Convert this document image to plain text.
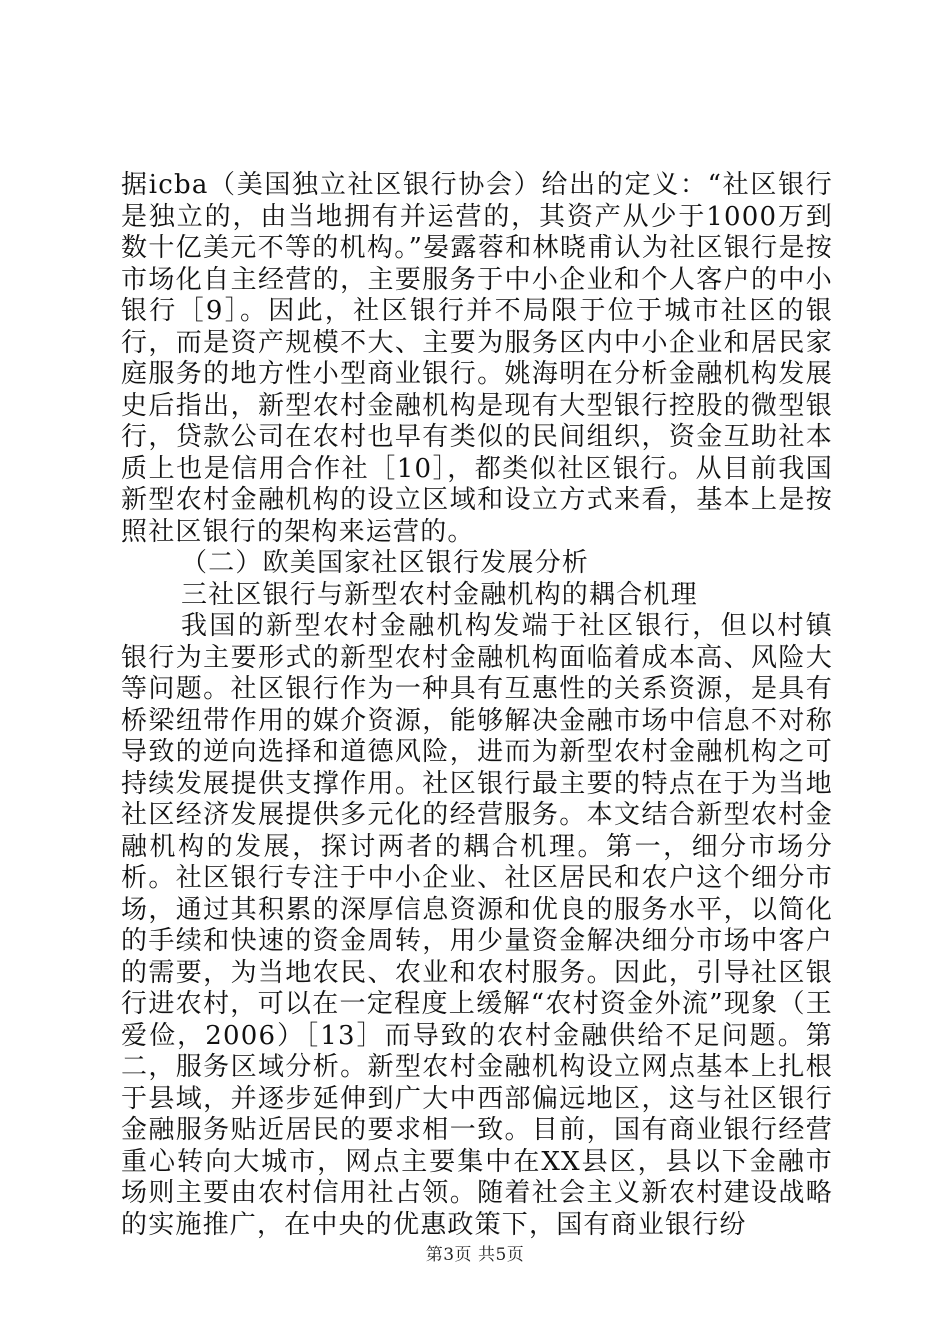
据icba（美国独立社区银行协会）给出的定义：“社区银行是独立的，由当地拥有并运营的，其资产从少于1000万到数十亿美元不等的机构。”晏露蓉和林晓甫认为社区银行是按市场化自主经营的，主要服务于中小企业和个人客户的中小银行［9］。因此，社区银行并不局限于位于城市社区的银行，而是资产规模不大、主要为服务区内中小企业和居民家庭服务的地方性小型商业银行。姚海明在分析金融机构发展史后指出，新型农村金融机构是现有大型银行控股的微型银行，贷款公司在农村也早有类似的民间组织，资金互助社本质上也是信用合作社［10］，都类似社区银行。从目前我国新型农村金融机构的设立区域和设立方式来看，基本上是按照社区银行的架构来运营的。

（二）欧美国家社区银行发展分析

三社区银行与新型农村金融机构的耦合机理

我国的新型农村金融机构发端于社区银行，但以村镇银行为主要形式的新型农村金融机构面临着成本高、风险大等问题。社区银行作为一种具有互惠性的关系资源，是具有桥梁纽带作用的媒介资源，能够解决金融市场中信息不对称导致的逆向选择和道德风险，进而为新型农村金融机构之可持续发展提供支撑作用。社区银行最主要的特点在于为当地社区经济发展提供多元化的经营服务。本文结合新型农村金融机构的发展，探讨两者的耦合机理。第一，细分市场分析。社区银行专注于中小企业、社区居民和农户这个细分市场，通过其积累的深厚信息资源和优良的服务水平，以简化的手续和快速的资金周转，用少量资金解决细分市场中客户的需要，为当地农民、农业和农村服务。因此，引导社区银行进农村，可以在一定程度上缓解“农村资金外流”现象（王爱俭，2006）［13］而导致的农村金融供给不足问题。第二，服务区域分析。新型农村金融机构设立网点基本上扎根于县域，并逐步延伸到广大中西部偏远地区，这与社区银行金融服务贴近居民的要求相一致。目前，国有商业银行经营重心转向大城市，网点主要集中在XX县区，县以下金融市场则主要由农村信用社占领。随着社会主义新农村建设战略的实施推广，在中央的优惠政策下，国有商业银行纷

第3页 共5页
